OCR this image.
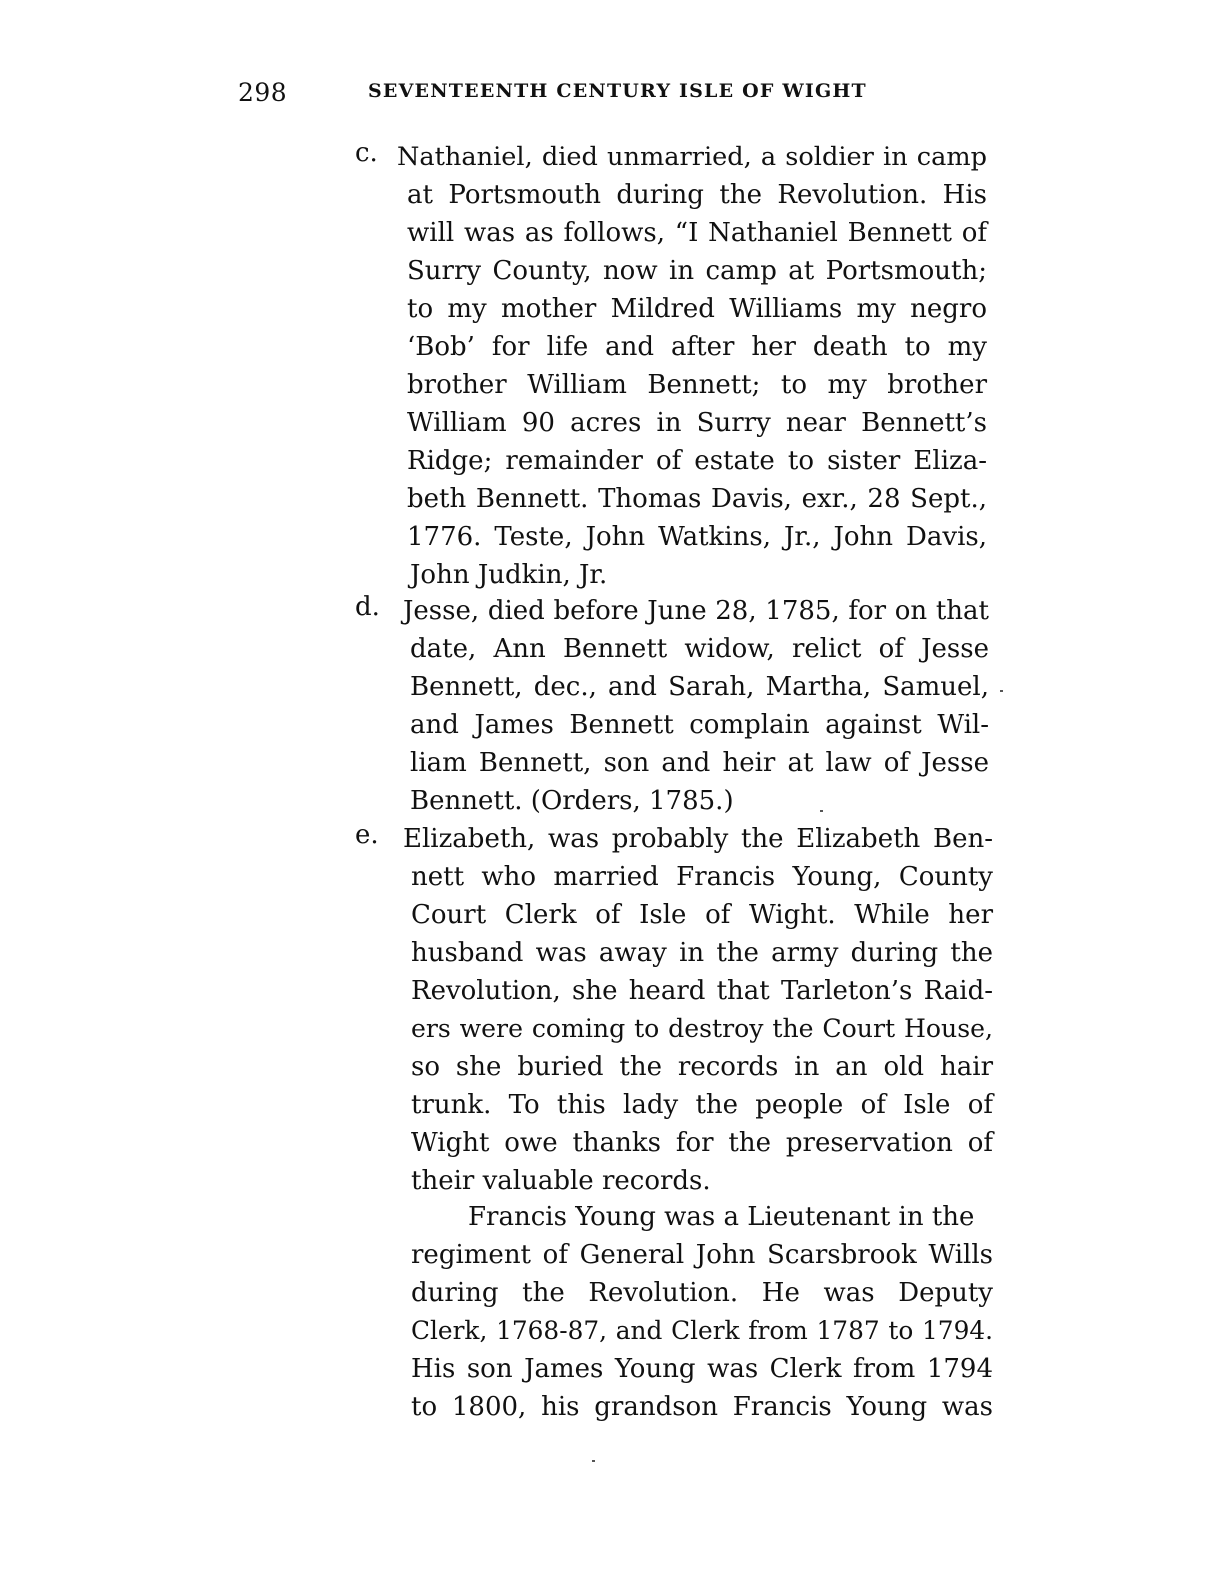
298	SEVENTEENTH CENTURY ISLE OF WIGHT
c. Nathaniel, died unmarried, a soldier in camp
at Portsmouth during the Revolution. His
will was as follows, “I Nathaniel Bennett of
Surry County, now in camp at Portsmouth;
to my mother Mildred Williams my negro
‘Bob’ for life and after her death to my
brother William Bennett; to my brother
William 90 acres in Surry near Bennett’s
Ridge; remainder of estate to sister Eliza-
beth Bennett. Thomas Davis, exr., 28 Sept.,
1776. Teste, John Watkins, Jr., John Davis,
John Judkin, Jr.
d. Jesse, died before June 28, 1785, for on that
date, Ann Bennett widow, relict of Jesse
Bennett, dec., and Sarah, Martha, Samuel,
and James Bennett complain against Wil-
liam Bennett, son and heir at law of Jesse
Bennett. (Orders, 1785.)
e. Elizabeth, was probably the Elizabeth Ben-
nett who married Francis Young, County
Court Clerk of Isle of Wight. While her
husband was away in the army during the
Revolution, she heard that Tarleton’s Raid-
ers were coming to destroy the Court House,
so she buried the records in an old hair
trunk. To this lady the people of Isle of
Wight owe thanks for the preservation of
their valuable records.
Francis Young was a Lieutenant in the
regiment of General John Scarsbrook Wills
during the Revolution. He was Deputy
Clerk, 1768-87, and Clerk from 1787 to 1794.
His son James Young was Clerk from 1794
to 1800, his grandson Francis Young was
